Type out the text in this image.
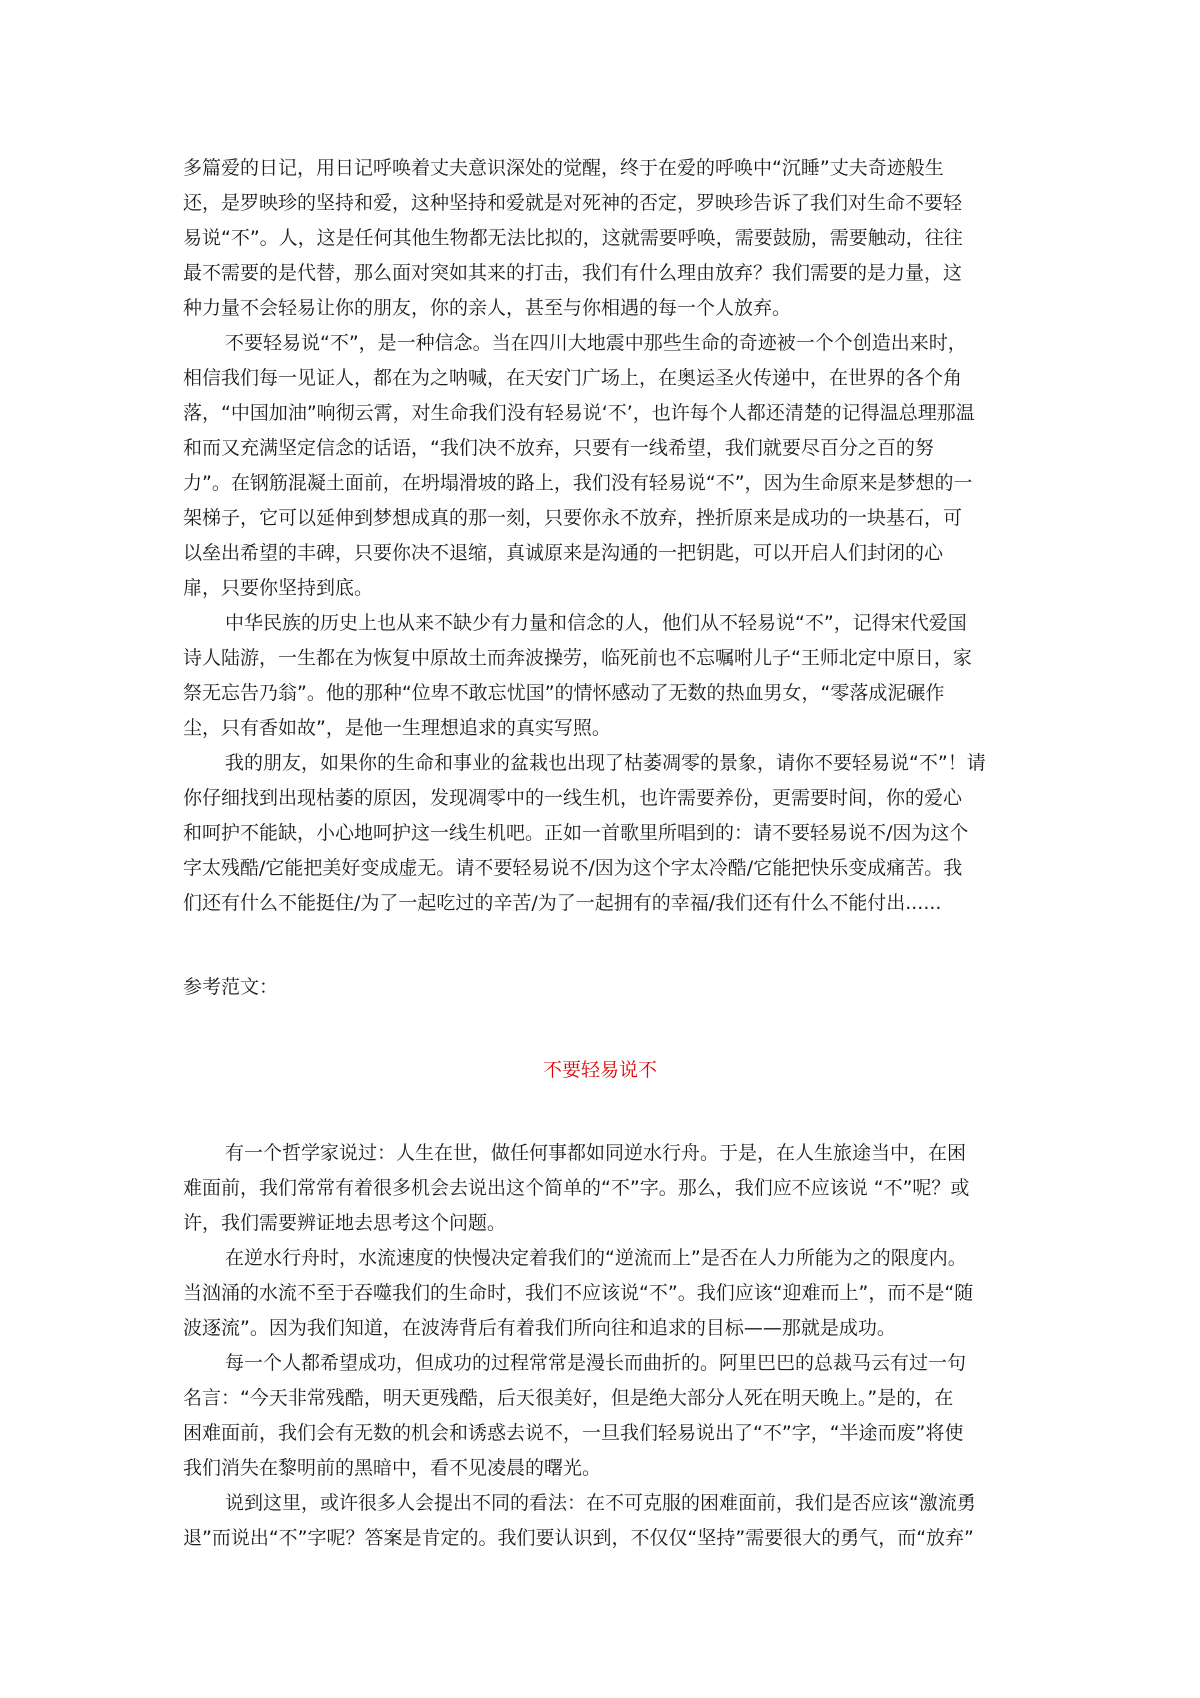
多篇爱的日记，用日记呼唤着丈夫意识深处的觉醒，终于在爱的呼唤中“沉睡”丈夫奇迹般生

还，是罗映珍的坚持和爱，这种坚持和爱就是对死神的否定，罗映珍告诉了我们对生命不要轻

易说“不”。人，这是任何其他生物都无法比拟的，这就需要呼唤，需要鼓励，需要触动，往往

最不需要的是代替，那么面对突如其来的打击，我们有什么理由放弃？我们需要的是力量，这

种力量不会轻易让你的朋友，你的亲人，甚至与你相遇的每一个人放弃。

不要轻易说“不”，是一种信念。当在四川大地震中那些生命的奇迹被一个个创造出来时，

相信我们每一见证人，都在为之呐喊，在天安门广场上，在奥运圣火传递中，在世界的各个角

落，“中国加油”响彻云霄，对生命我们没有轻易说‘不’，也许每个人都还清楚的记得温总理那温

和而又充满坚定信念的话语，“我们决不放弃，只要有一线希望，我们就要尽百分之百的努

力”。在钢筋混凝土面前，在坍塌滑坡的路上，我们没有轻易说“不”，因为生命原来是梦想的一

架梯子，它可以延伸到梦想成真的那一刻，只要你永不放弃，挫折原来是成功的一块基石，可

以垒出希望的丰碑，只要你决不退缩，真诚原来是沟通的一把钥匙，可以开启人们封闭的心

扉，只要你坚持到底。

中华民族的历史上也从来不缺少有力量和信念的人，他们从不轻易说“不”，记得宋代爱国

诗人陆游，一生都在为恢复中原故土而奔波操劳，临死前也不忘嘱咐儿子“王师北定中原日，家

祭无忘告乃翁”。他的那种“位卑不敢忘忧国”的情怀感动了无数的热血男女，“零落成泥碾作

尘，只有香如故”，是他一生理想追求的真实写照。

我的朋友，如果你的生命和事业的盆栽也出现了枯萎凋零的景象，请你不要轻易说“不”！请

你仔细找到出现枯萎的原因，发现凋零中的一线生机，也许需要养份，更需要时间，你的爱心

和呵护不能缺，小心地呵护这一线生机吧。正如一首歌里所唱到的：请不要轻易说不/因为这个

字太残酷/它能把美好变成虚无。请不要轻易说不/因为这个字太冷酷/它能把快乐变成痛苦。我

们还有什么不能挺住/为了一起吃过的辛苦/为了一起拥有的幸福/我们还有什么不能付出......

参考范文：

不要轻易说不

有一个哲学家说过：人生在世，做任何事都如同逆水行舟。于是，在人生旅途当中，在困

难面前，我们常常有着很多机会去说出这个简单的“不”字。那么，我们应不应该说 “不”呢？或

许，我们需要辨证地去思考这个问题。

在逆水行舟时，水流速度的快慢决定着我们的“逆流而上”是否在人力所能为之的限度内。

当汹涌的水流不至于吞噬我们的生命时，我们不应该说“不”。我们应该“迎难而上”，而不是“随

波逐流”。因为我们知道，在波涛背后有着我们所向往和追求的目标——那就是成功。

每一个人都希望成功，但成功的过程常常是漫长而曲折的。阿里巴巴的总裁马云有过一句

名言：“今天非常残酷，明天更残酷，后天很美好，但是绝大部分人死在明天晚上。”是的，在

困难面前，我们会有无数的机会和诱惑去说不，一旦我们轻易说出了“不”字，“半途而废”将使

我们消失在黎明前的黑暗中，看不见凌晨的曙光。

说到这里，或许很多人会提出不同的看法：在不可克服的困难面前，我们是否应该“激流勇

退”而说出“不”字呢？答案是肯定的。我们要认识到，不仅仅“坚持”需要很大的勇气，而“放弃”
